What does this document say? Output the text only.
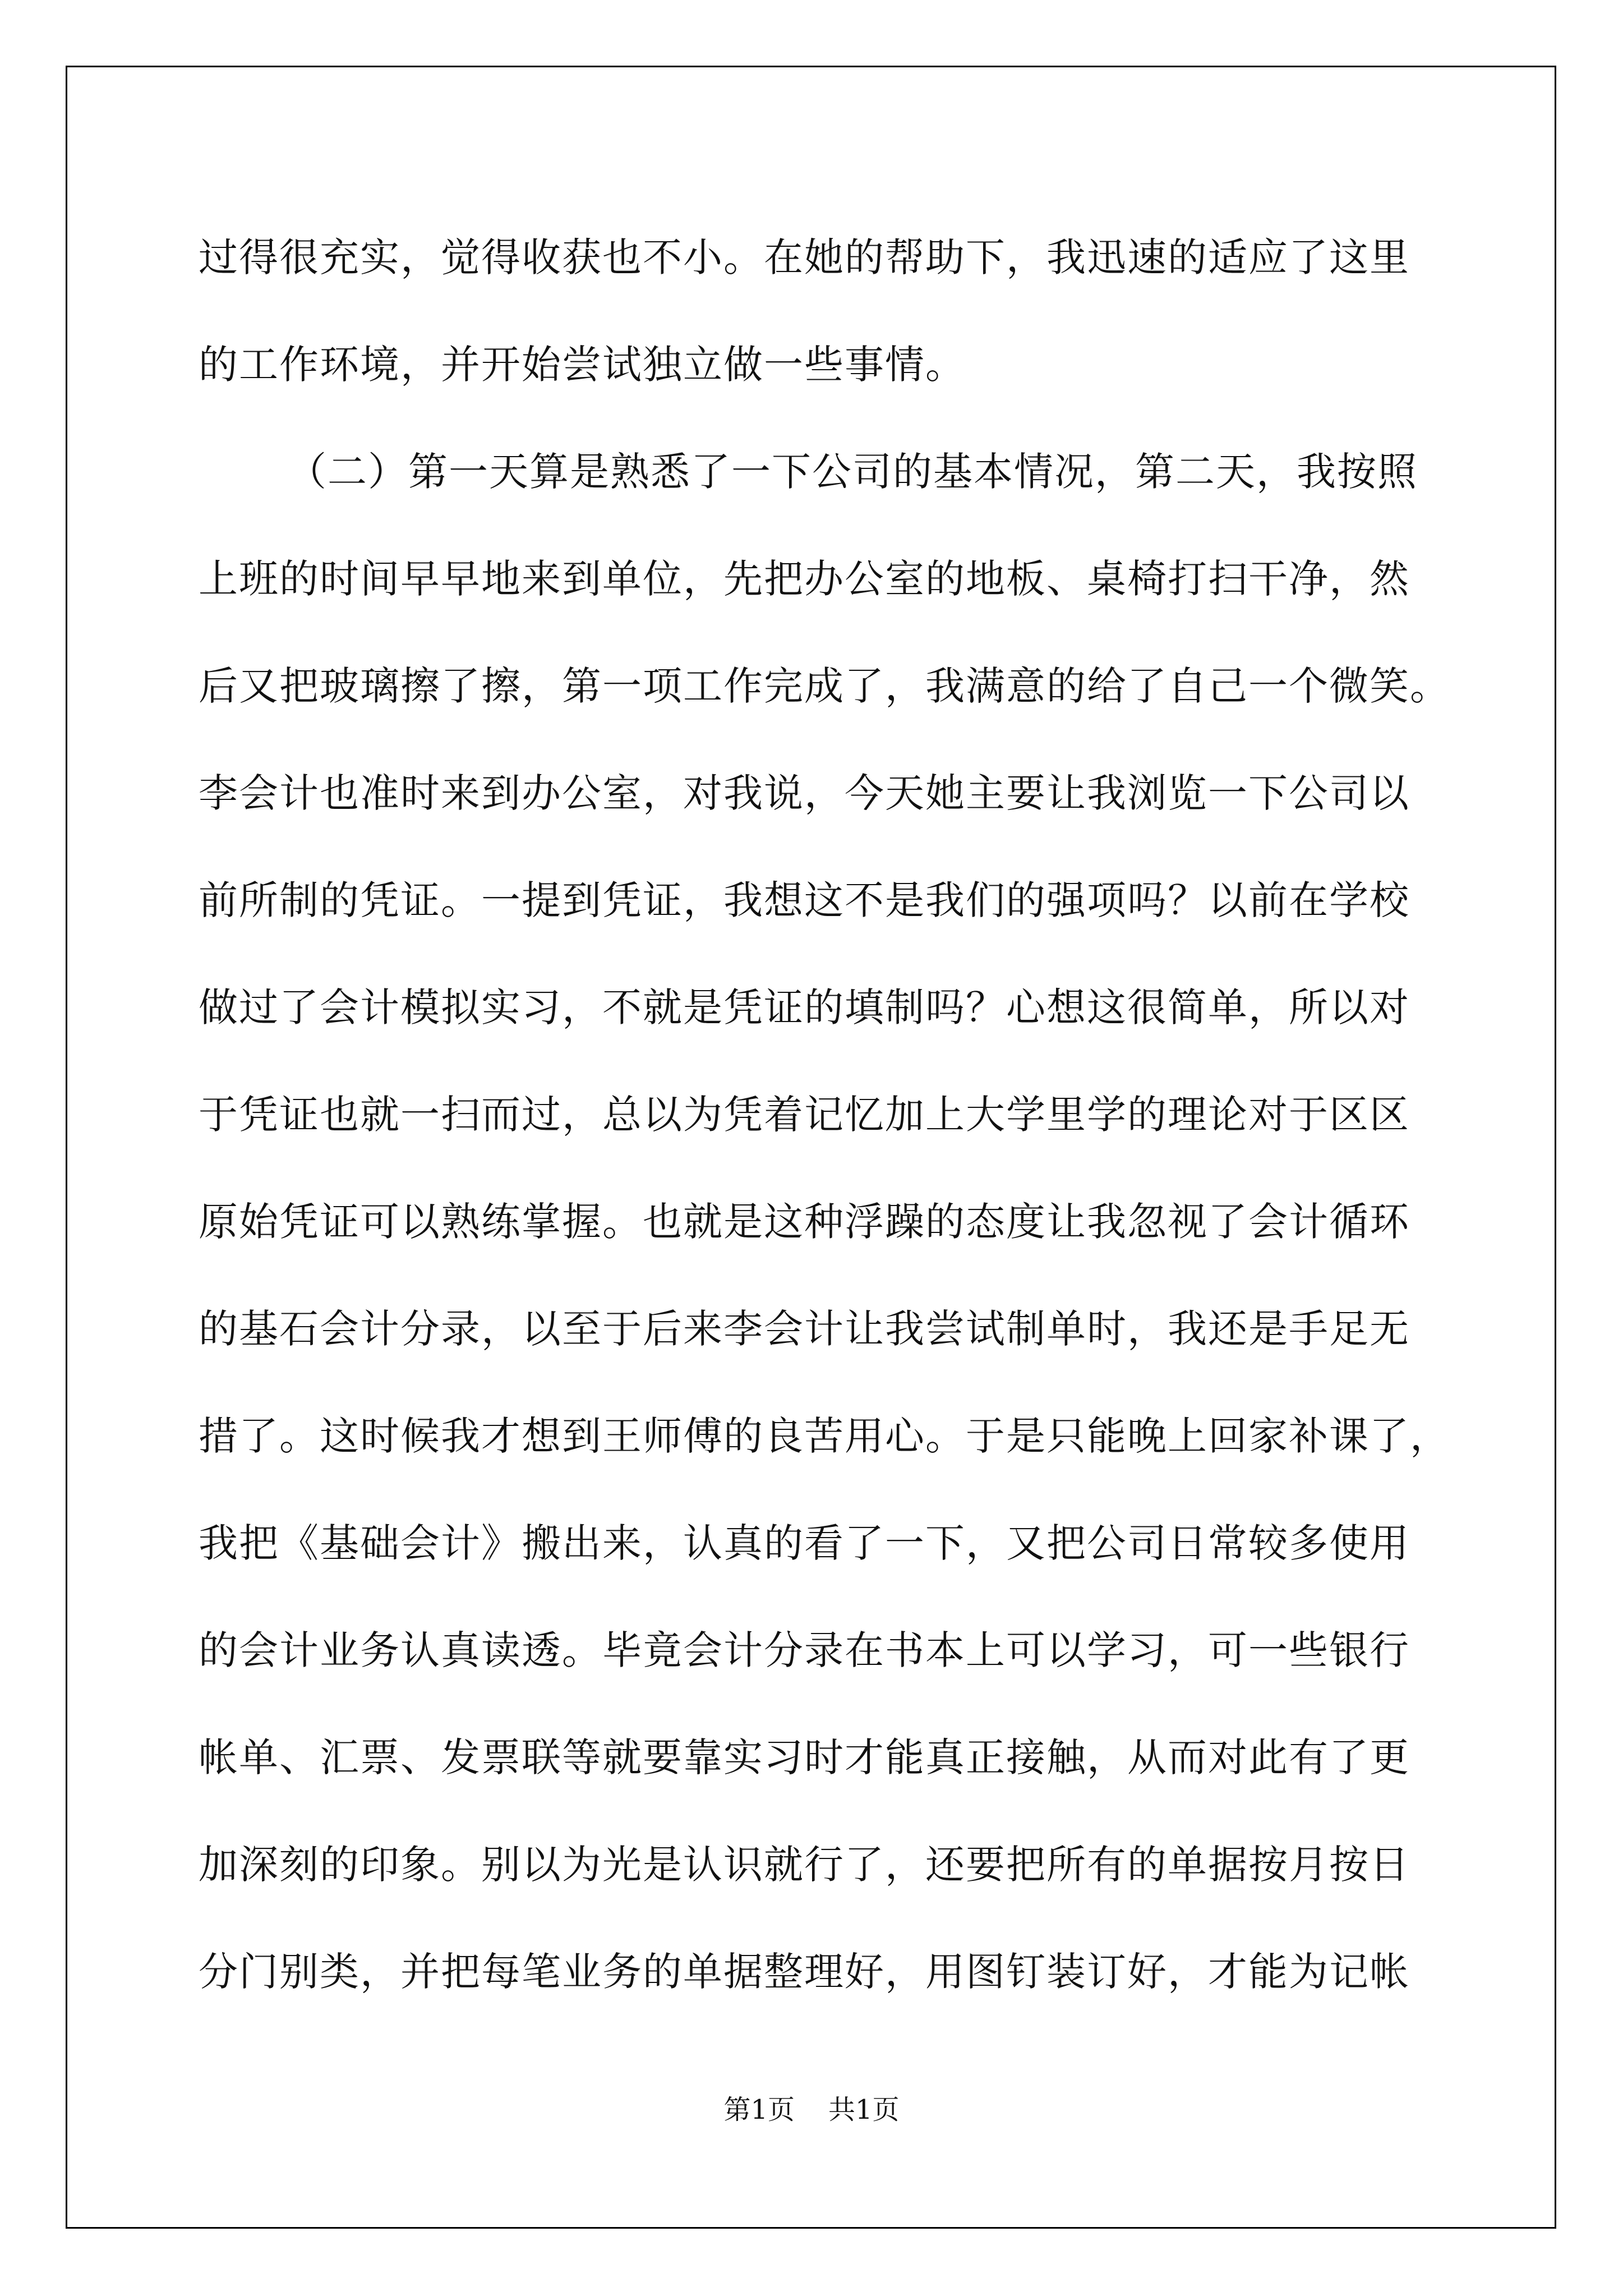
过得很充实，觉得收获也不小。在她的帮助下，我迅速的适应了这里
的工作环境，并开始尝试独立做一些事情。
（二）第一天算是熟悉了一下公司的基本情况，第二天，我按照
上班的时间早早地来到单位，先把办公室的地板、桌椅打扫干净，然
后又把玻璃擦了擦，第一项工作完成了，我满意的给了自己一个微笑。
李会计也准时来到办公室，对我说，今天她主要让我浏览一下公司以
前所制的凭证。一提到凭证，我想这不是我们的强项吗？以前在学校
做过了会计模拟实习，不就是凭证的填制吗？心想这很简单，所以对
于凭证也就一扫而过，总以为凭着记忆加上大学里学的理论对于区区
原始凭证可以熟练掌握。也就是这种浮躁的态度让我忽视了会计循环
的基石会计分录，以至于后来李会计让我尝试制单时，我还是手足无
措了。这时候我才想到王师傅的良苦用心。于是只能晚上回家补课了，
我把《基础会计》搬出来，认真的看了一下，又把公司日常较多使用
的会计业务认真读透。毕竟会计分录在书本上可以学习，可一些银行
帐单、汇票、发票联等就要靠实习时才能真正接触，从而对此有了更
加深刻的印象。别以为光是认识就行了，还要把所有的单据按月按日
分门别类，并把每笔业务的单据整理好，用图钉装订好，才能为记帐
第1页 共1页
